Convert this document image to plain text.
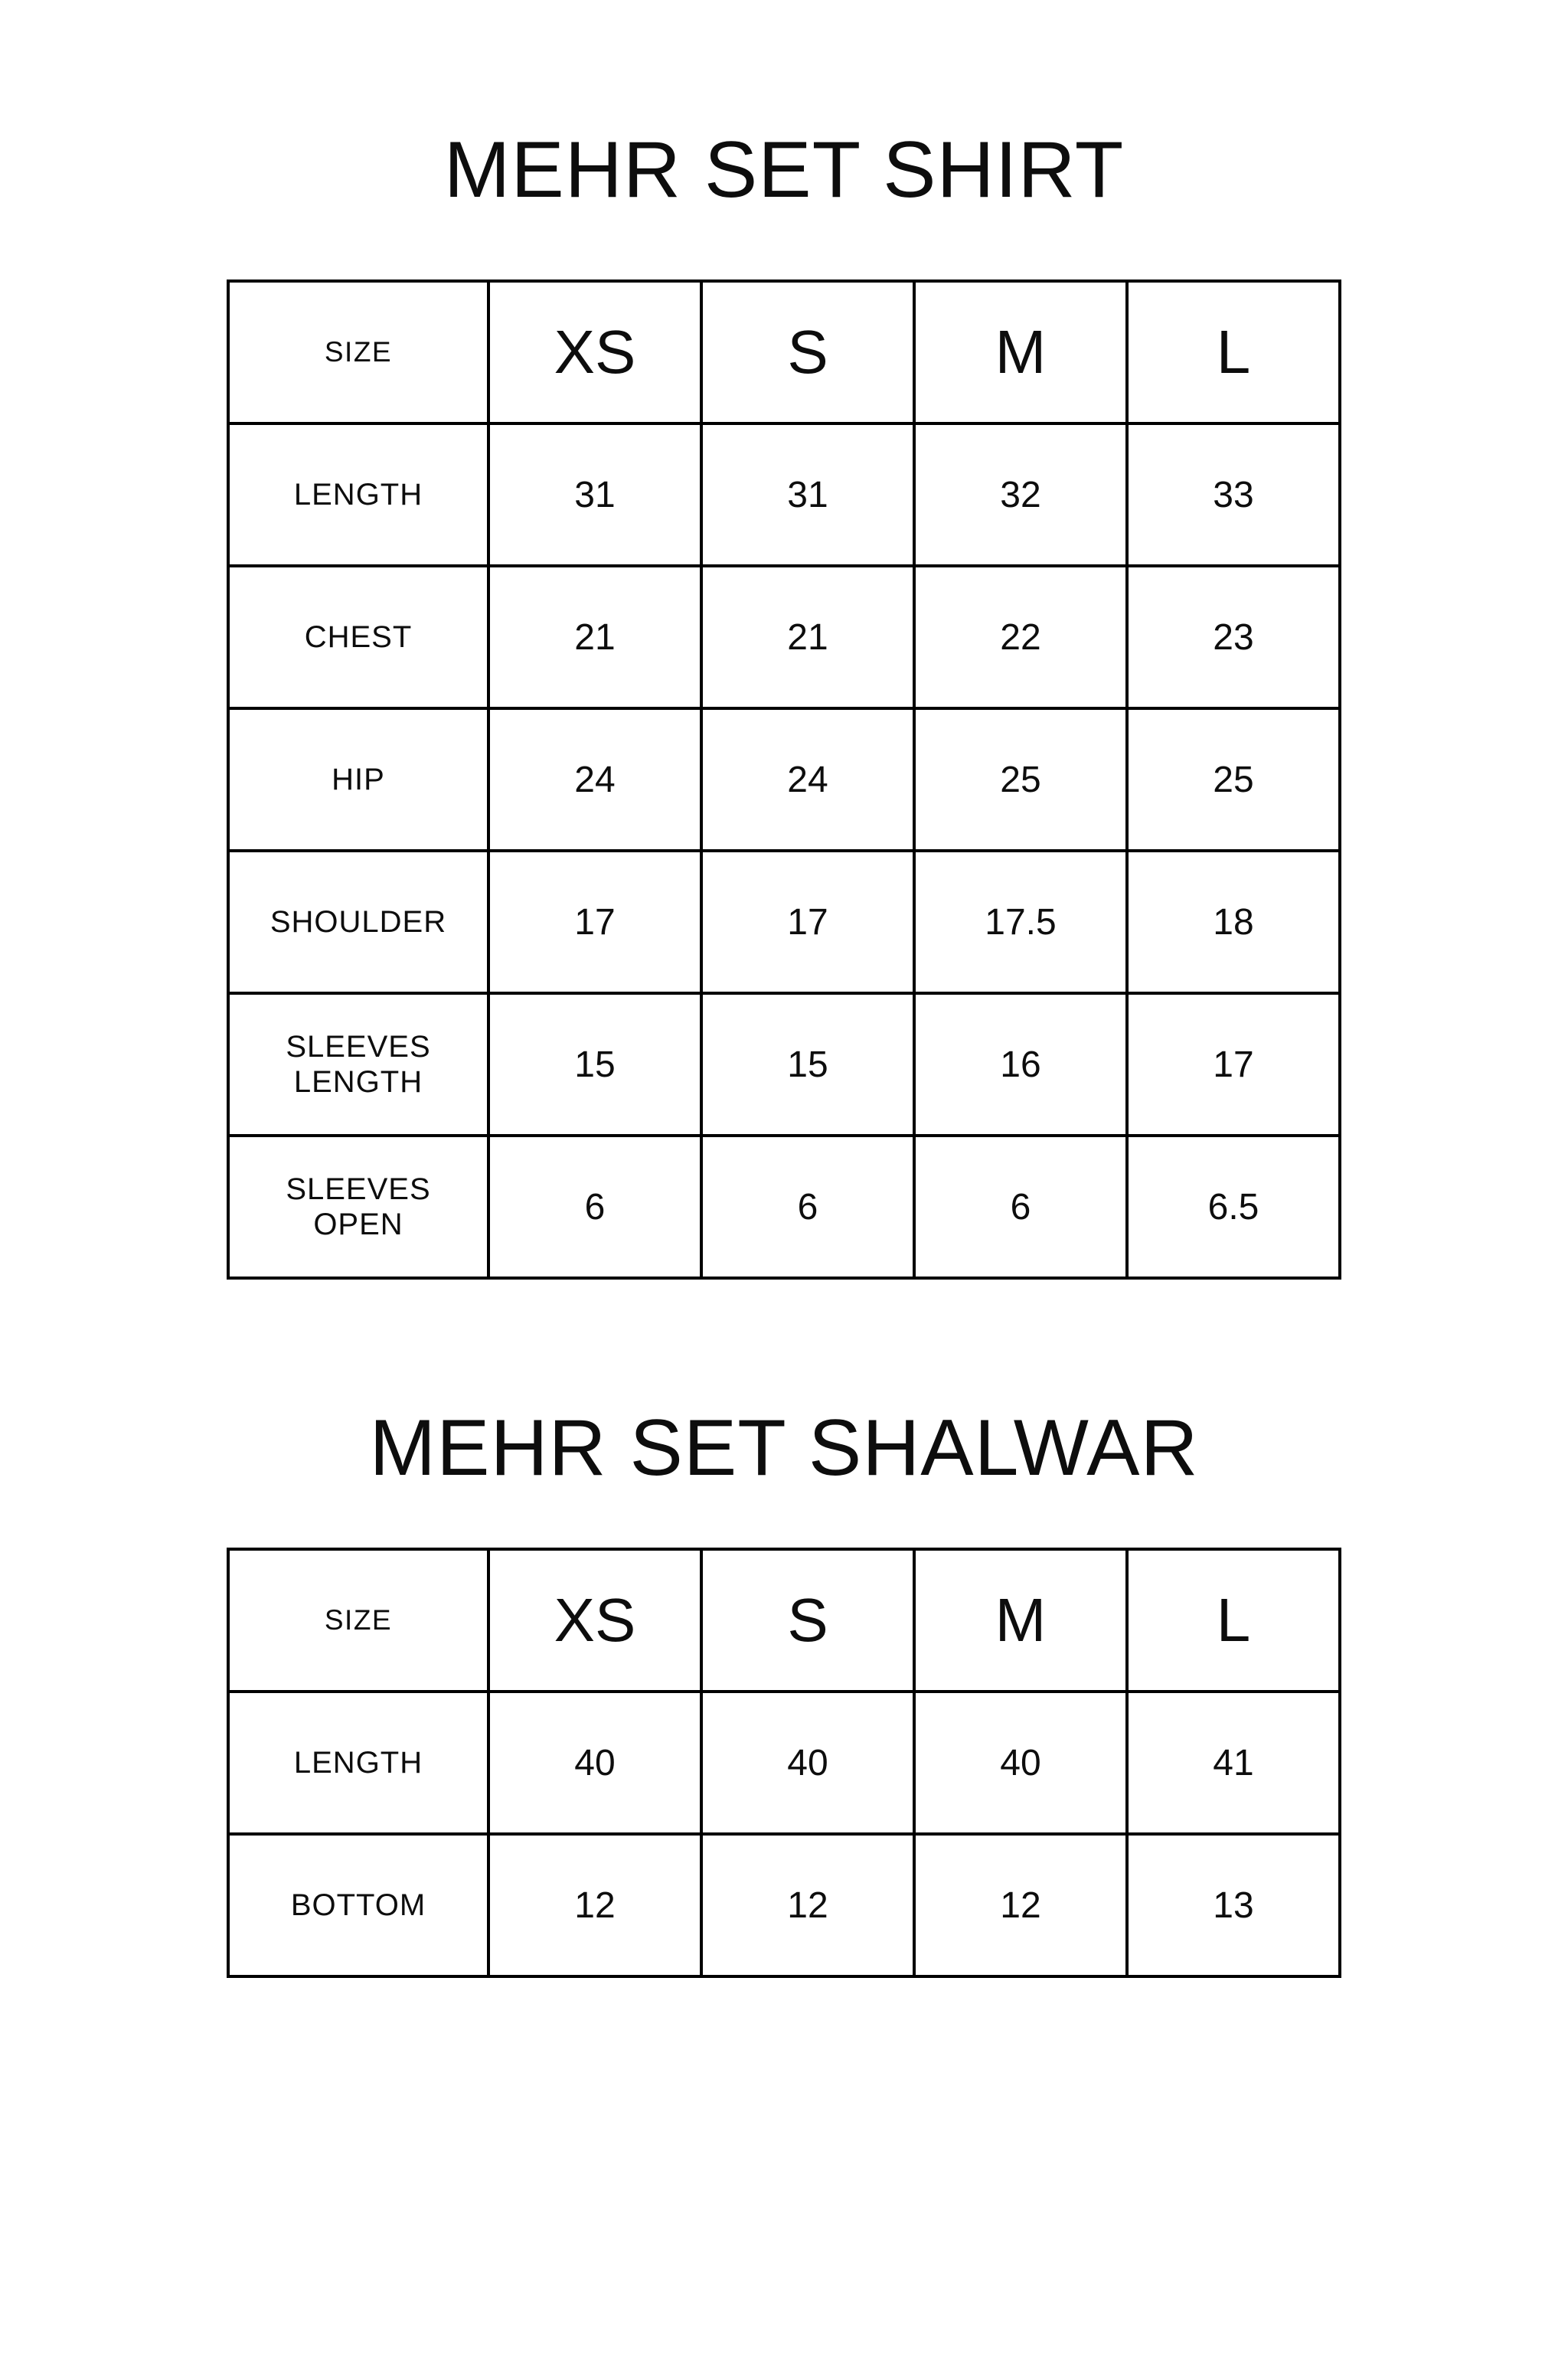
MEHR SET SHIRT
SIZE	XS	S	M	L
LENGTH	31	31	32	33
CHEST	21	21	22	23
HIP	24	24	25	25
SHOULDER	17	17	17.5	18

SLEEVES
LENGTH	15	15	16	17

SLEEVES
OPEN	6	6	6	6.5
MEHR SET SHALWAR
SIZE	XS	S	M	L
LENGTH	40	40	40	41
BOTTOM	12	12	12	13
